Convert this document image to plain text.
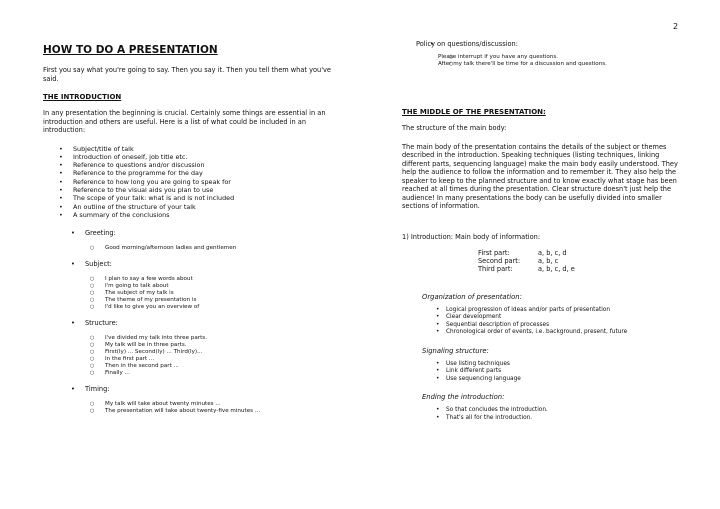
2
HOW TO DO A PRESENTATION

First you say what you're going to say. Then you say it. Then you tell them what you've said.

THE INTRODUCTION

In any presentation the beginning is crucial. Certainly some things are essential in an introduction and others are useful. Here is a list of what could be included in an introduction:

• Subject/title of talk
• Introduction of oneself, job title etc.
• Reference to questions and/or discussion
• Reference to the programme for the day
• Reference to how long you are going to speak for
• Reference to the visual aids you plan to use
• The scope of your talk: what is and is not included
• An outline of the structure of your talk
• A summary of the conclusions
• Greeting:
○ Good morning/afternoon ladies and gentlemen
• Subject:
○ I plan to say a few words about
○ I'm going to talk about
○ The subject of my talk is
○ The theme of my presentation is
○ I'd like to give you an overview of
• Structure:
○ I've divided my talk into three parts.
○ My talk will be in three parts.
○ First(ly) ... Second(ly) ... Third(ly)...
○ In the first part ...
○ Then in the second part ...
○ Finally ...
• Timing:
○ My talk will take about twenty minutes ...
○ The presentation will take about twenty-five minutes ...
• Policy on questions/discussion:
○ Please interrupt if you have any questions.
○ After my talk there'll be time for a discussion and questions.
THE MIDDLE OF THE PRESENTATION:

The structure of the main body:

The main body of the presentation contains the details of the subject or themes described in the introduction. Speaking techniques (listing techniques, linking different parts, sequencing language) make the main body easily understood. They help the audience to follow the information and to remember it. They also help the speaker to keep to the planned structure and to know exactly what stage has been reached at all times during the presentation. Clear structure doesn't just help the audience! In many presentations the body can be usefully divided into smaller sections of information.

1) Introduction: Main body of information:
First part:	a, b, c, d
Second part:	a, b, c
Third part:	a, b, c, d, e
Organization of presentation:
• Logical progression of ideas and/or parts of presentation
• Clear development
• Sequential description of processes
• Chronological order of events, i.e. background, present, future
Signaling structure:
• Use listing techniques
• Link different parts
• Use sequencing language
Ending the introduction:
• So that concludes the introduction.
• That's all for the introduction.
